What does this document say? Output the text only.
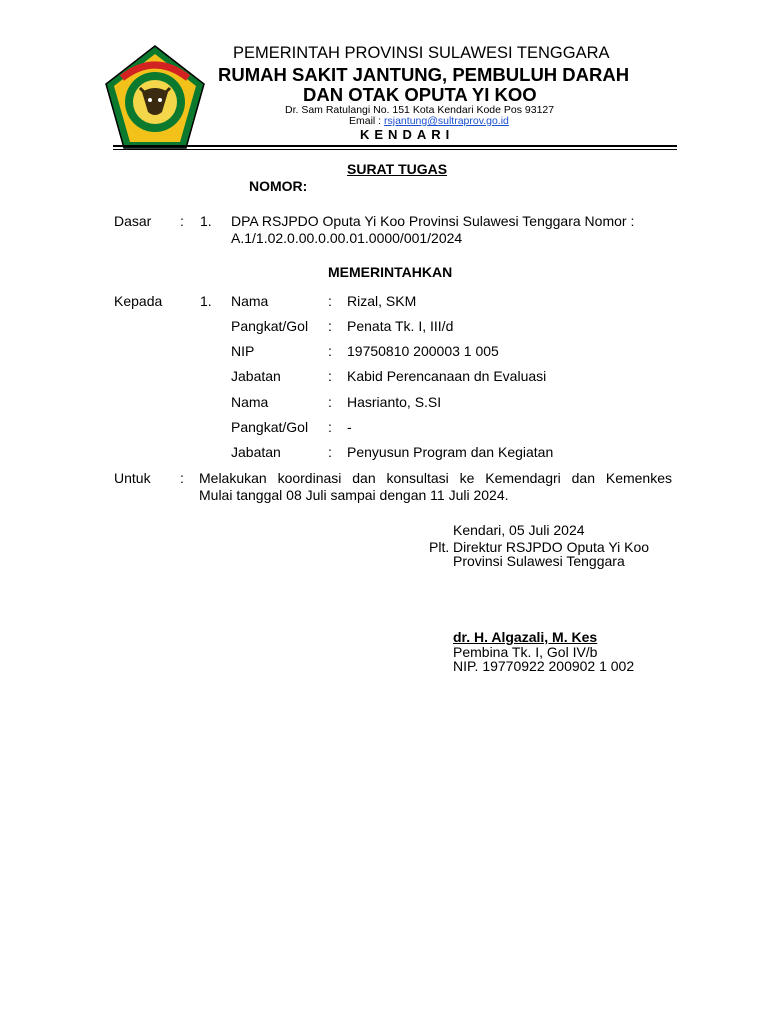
PEMERINTAH PROVINSI SULAWESI TENGGARA
RUMAH SAKIT JANTUNG, PEMBULUH DARAH
DAN OTAK OPUTA YI KOO
Dr. Sam Ratulangi No. 151 Kota Kendari Kode Pos 93127
Email : rsjantung@sultraprov.go.id
KENDARI
SURAT TUGAS
NOMOR:
Dasar : 1. DPA RSJPDO Oputa Yi Koo Provinsi Sulawesi Tenggara Nomor :
A.1/1.02.0.00.0.00.01.0000/001/2024
MEMERINTAHKAN
Kepada	1. Nama	: Rizal, SKM
Pangkat/Gol : Penata Tk. I, III/d
NIP	: 19750810 200003 1 005
Jabatan	: Kabid Perencanaan dn Evaluasi
Nama	: Hasrianto, S.SI
Pangkat/Gol : -
Jabatan	: Penyusun Program dan Kegiatan
Untuk : Melakukan koordinasi dan konsultasi ke Kemendagri dan Kemenkes
Mulai tanggal 08 Juli sampai dengan 11 Juli 2024.
Kendari, 05 Juli 2024
Plt. Direktur RSJPDO Oputa Yi Koo
Provinsi Sulawesi Tenggara
dr. H. Algazali, M. Kes
Pembina Tk. I, Gol IV/b
NIP. 19770922 200902 1 002
